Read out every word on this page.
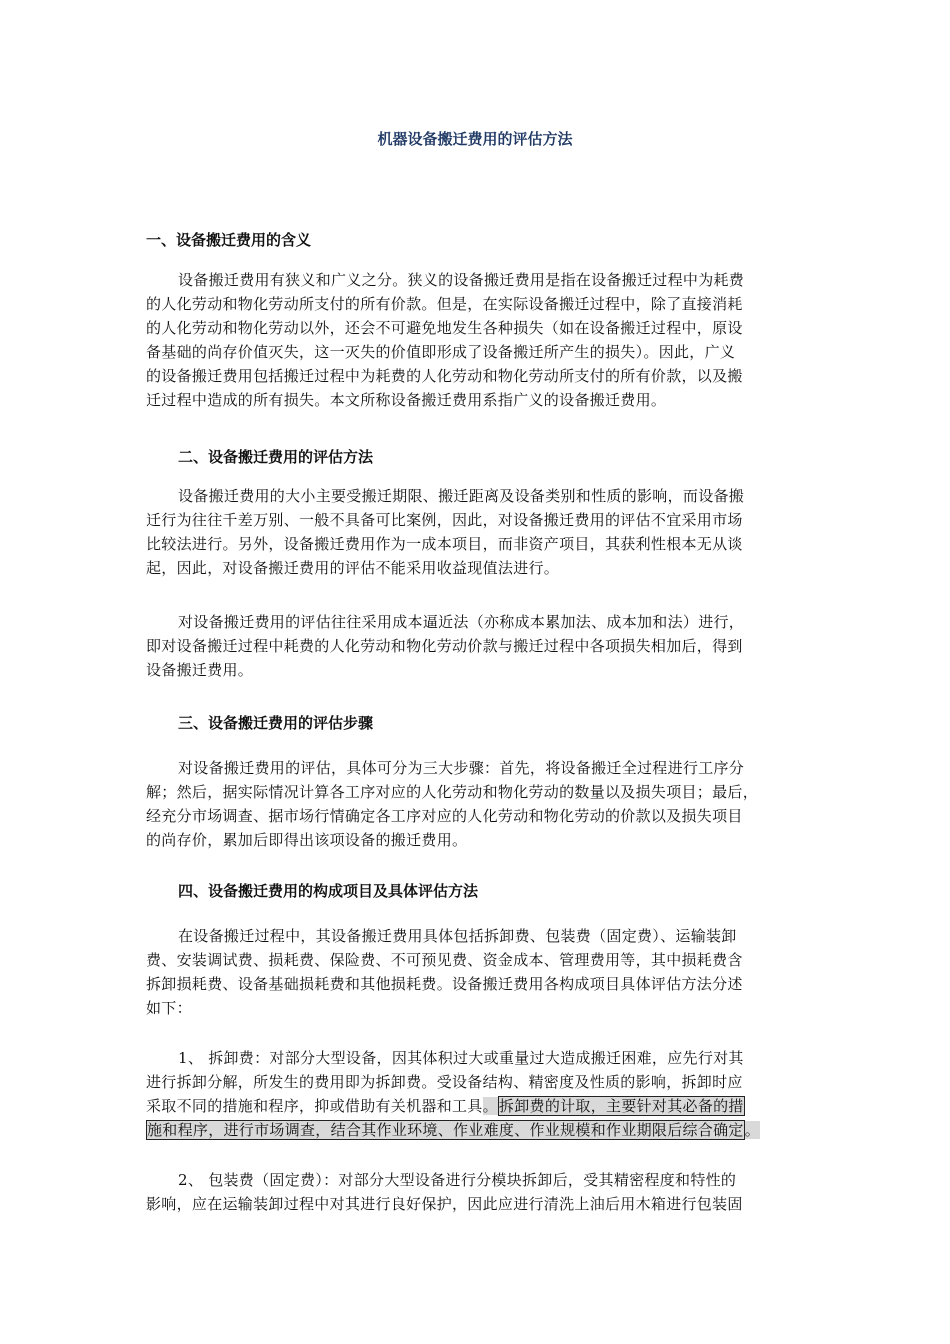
机器设备搬迁费用的评估方法
一、设备搬迁费用的含义
设备搬迁费用有狭义和广义之分。狭义的设备搬迁费用是指在设备搬迁过程中为耗费
的人化劳动和物化劳动所支付的所有价款。但是，在实际设备搬迁过程中，除了直接消耗
的人化劳动和物化劳动以外，还会不可避免地发生各种损失（如在设备搬迁过程中，原设
备基础的尚存价值灭失，这一灭失的价值即形成了设备搬迁所产生的损失）。因此，广义
的设备搬迁费用包括搬迁过程中为耗费的人化劳动和物化劳动所支付的所有价款，以及搬
迁过程中造成的所有损失。本文所称设备搬迁费用系指广义的设备搬迁费用。
二、设备搬迁费用的评估方法
设备搬迁费用的大小主要受搬迁期限、搬迁距离及设备类别和性质的影响，而设备搬
迁行为往往千差万别、一般不具备可比案例，因此，对设备搬迁费用的评估不宜采用市场
比较法进行。另外，设备搬迁费用作为一成本项目，而非资产项目，其获利性根本无从谈
起，因此，对设备搬迁费用的评估不能采用收益现值法进行。
对设备搬迁费用的评估往往采用成本逼近法（亦称成本累加法、成本加和法）进行，
即对设备搬迁过程中耗费的人化劳动和物化劳动价款与搬迁过程中各项损失相加后，得到
设备搬迁费用。
三、设备搬迁费用的评估步骤
对设备搬迁费用的评估，具体可分为三大步骤：首先，将设备搬迁全过程进行工序分
解；然后，据实际情况计算各工序对应的人化劳动和物化劳动的数量以及损失项目；最后，
经充分市场调查、据市场行情确定各工序对应的人化劳动和物化劳动的价款以及损失项目
的尚存价，累加后即得出该项设备的搬迁费用。
四、设备搬迁费用的构成项目及具体评估方法
在设备搬迁过程中，其设备搬迁费用具体包括拆卸费、包装费（固定费）、运输装卸
费、安装调试费、损耗费、保险费、不可预见费、资金成本、管理费用等，其中损耗费含
拆卸损耗费、设备基础损耗费和其他损耗费。设备搬迁费用各构成项目具体评估方法分述
如下：
1、 拆卸费：对部分大型设备，因其体积过大或重量过大造成搬迁困难，应先行对其
进行拆卸分解，所发生的费用即为拆卸费。受设备结构、精密度及性质的影响，拆卸时应
采取不同的措施和程序，抑或借助有关机器和工具。拆卸费的计取，主要针对其必备的措
施和程序，进行市场调查，结合其作业环境、作业难度、作业规模和作业期限后综合确定。
2、 包装费（固定费）：对部分大型设备进行分模块拆卸后，受其精密程度和特性的
影响，应在运输装卸过程中对其进行良好保护，因此应进行清洗上油后用木箱进行包装固
